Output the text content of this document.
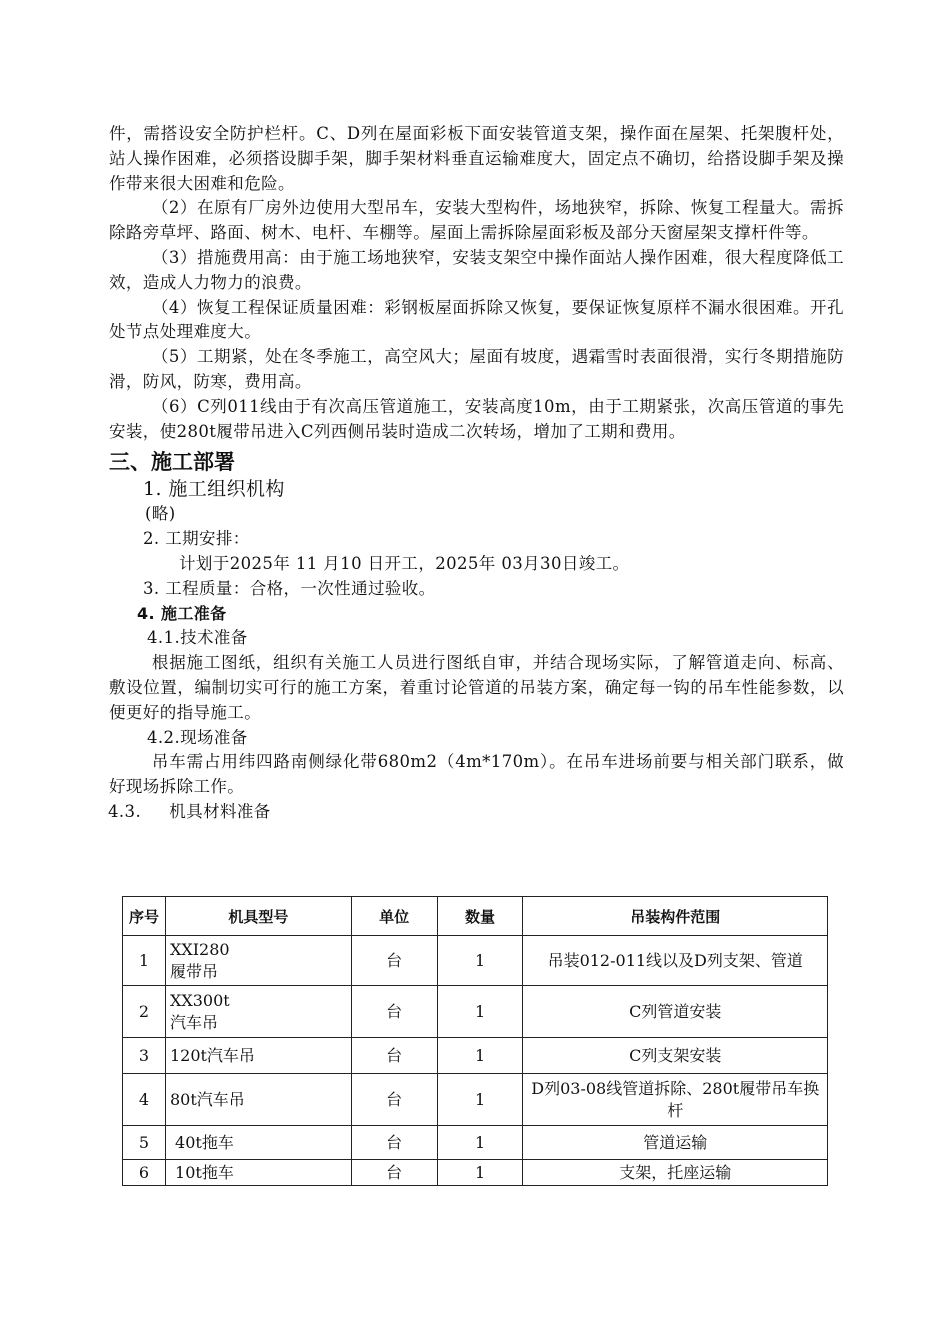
件，需搭设安全防护栏杆。C、D列在屋面彩板下面安装管道支架，操作面在屋架、托架腹杆处，站人操作困难，必须搭设脚手架，脚手架材料垂直运输难度大，固定点不确切，给搭设脚手架及操作带来很大困难和危险。

（2）在原有厂房外边使用大型吊车，安装大型构件，场地狭窄，拆除、恢复工程量大。需拆除路旁草坪、路面、树木、电杆、车棚等。屋面上需拆除屋面彩板及部分天窗屋架支撑杆件等。

（3）措施费用高：由于施工场地狭窄，安装支架空中操作面站人操作困难，很大程度降低工效，造成人力物力的浪费。

（4）恢复工程保证质量困难：彩钢板屋面拆除又恢复，要保证恢复原样不漏水很困难。开孔处节点处理难度大。

（5）工期紧，处在冬季施工，高空风大；屋面有坡度，遇霜雪时表面很滑，实行冬期措施防滑，防风，防寒，费用高。

（6）C列011线由于有次高压管道施工，安装高度10m，由于工期紧张，次高压管道的事先安装，使280t履带吊进入C列西侧吊装时造成二次转场，增加了工期和费用。

三、施工部署

1. 施工组织机构

(略)

2. 工期安排：

计划于2025年 11 月10 日开工，2025年 03月30日竣工。

3. 工程质量：合格，一次性通过验收。

4. 施工准备

4.1.技术准备

根据施工图纸，组织有关施工人员进行图纸自审，并结合现场实际，了解管道走向、标高、敷设位置，编制切实可行的施工方案，着重讨论管道的吊装方案，确定每一钩的吊车性能参数，以便更好的指导施工。

4.2.现场准备

吊车需占用纬四路南侧绿化带680m2（4m*170m）。在吊车进场前要与相关部门联系，做好现场拆除工作。

4.3.     机具材料准备

序号	机具型号	单位	数量	吊装构件范围
1	XXI280
履带吊	台	1	吊装012-011线以及D列支架、管道
2	XX300t
汽车吊	台	1	C列管道安装
3	120t汽车吊	台	1	C列支架安装
4	80t汽车吊	台	1	D列03-08线管道拆除、280t履带吊车换杆
5	40t拖车	台	1	管道运输
6	10t拖车	台	1	支架，托座运输
